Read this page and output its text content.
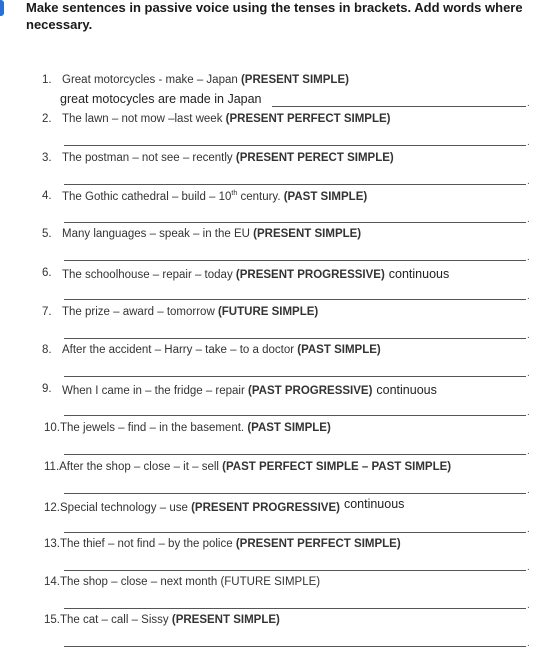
Make sentences in passive voice using the tenses in brackets. Add words where necessary.
1. Great motorcycles - make – Japan (PRESENT SIMPLE)
great motocycles are made in Japan	.
2. The lawn – not mow –last week (PRESENT PERFECT SIMPLE)
.
3. The postman – not see – recently (PRESENT PERECT SIMPLE)
.
4. The Gothic cathedral – build – 10th century. (PAST SIMPLE)
.
5. Many languages – speak – in the EU (PRESENT SIMPLE)
.
6. The schoolhouse – repair – today (PRESENT PROGRESSIVE) continuous
.
7. The prize – award – tomorrow (FUTURE SIMPLE)
.
8. After the accident – Harry – take – to a doctor (PAST SIMPLE)
.
9. When I came in – the fridge – repair (PAST PROGRESSIVE) continuous
.
10.The jewels – find – in the basement. (PAST SIMPLE)
.
11.After the shop – close – it – sell (PAST PERFECT SIMPLE – PAST SIMPLE)
.
12.Special technology – use (PRESENT PROGRESSIVE) continuous
.
13.The thief – not find – by the police (PRESENT PERFECT SIMPLE)
.
14.The shop – close – next month (FUTURE SIMPLE)
.
15.The cat – call – Sissy (PRESENT SIMPLE)
.
